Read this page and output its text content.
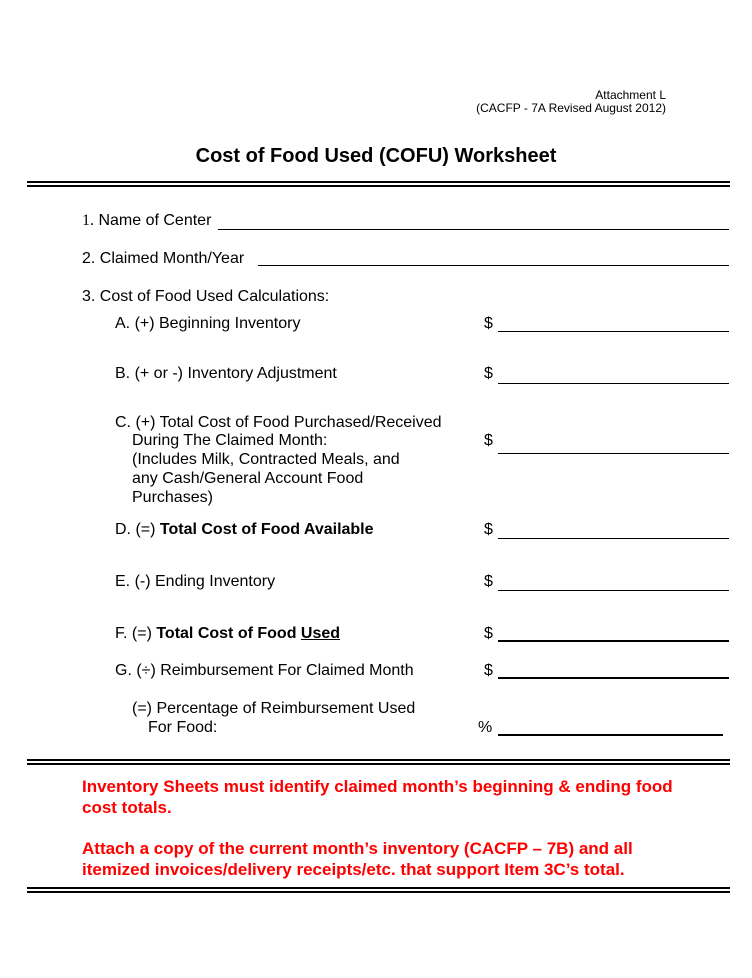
Attachment L
(CACFP - 7A Revised August 2012)
Cost of Food Used (COFU) Worksheet
1. Name of Center
2. Claimed Month/Year
3. Cost of Food Used Calculations:
A. (+) Beginning Inventory	$
B. (+ or -) Inventory Adjustment	$
C. (+) Total Cost of Food Purchased/Received
During The Claimed Month:
(Includes Milk, Contracted Meals, and
any Cash/General Account Food
Purchases)
$
D. (=) Total Cost of Food Available	$
E. (-) Ending Inventory	$
F. (=) Total Cost of Food Used	$
G. (÷) Reimbursement For Claimed Month	$
(=) Percentage of Reimbursement Used
For Food:	%
Inventory Sheets must identify claimed month’s beginning & ending food cost totals.
Attach a copy of the current month’s inventory (CACFP – 7B) and all itemized invoices/delivery receipts/etc. that support Item 3C’s total.
